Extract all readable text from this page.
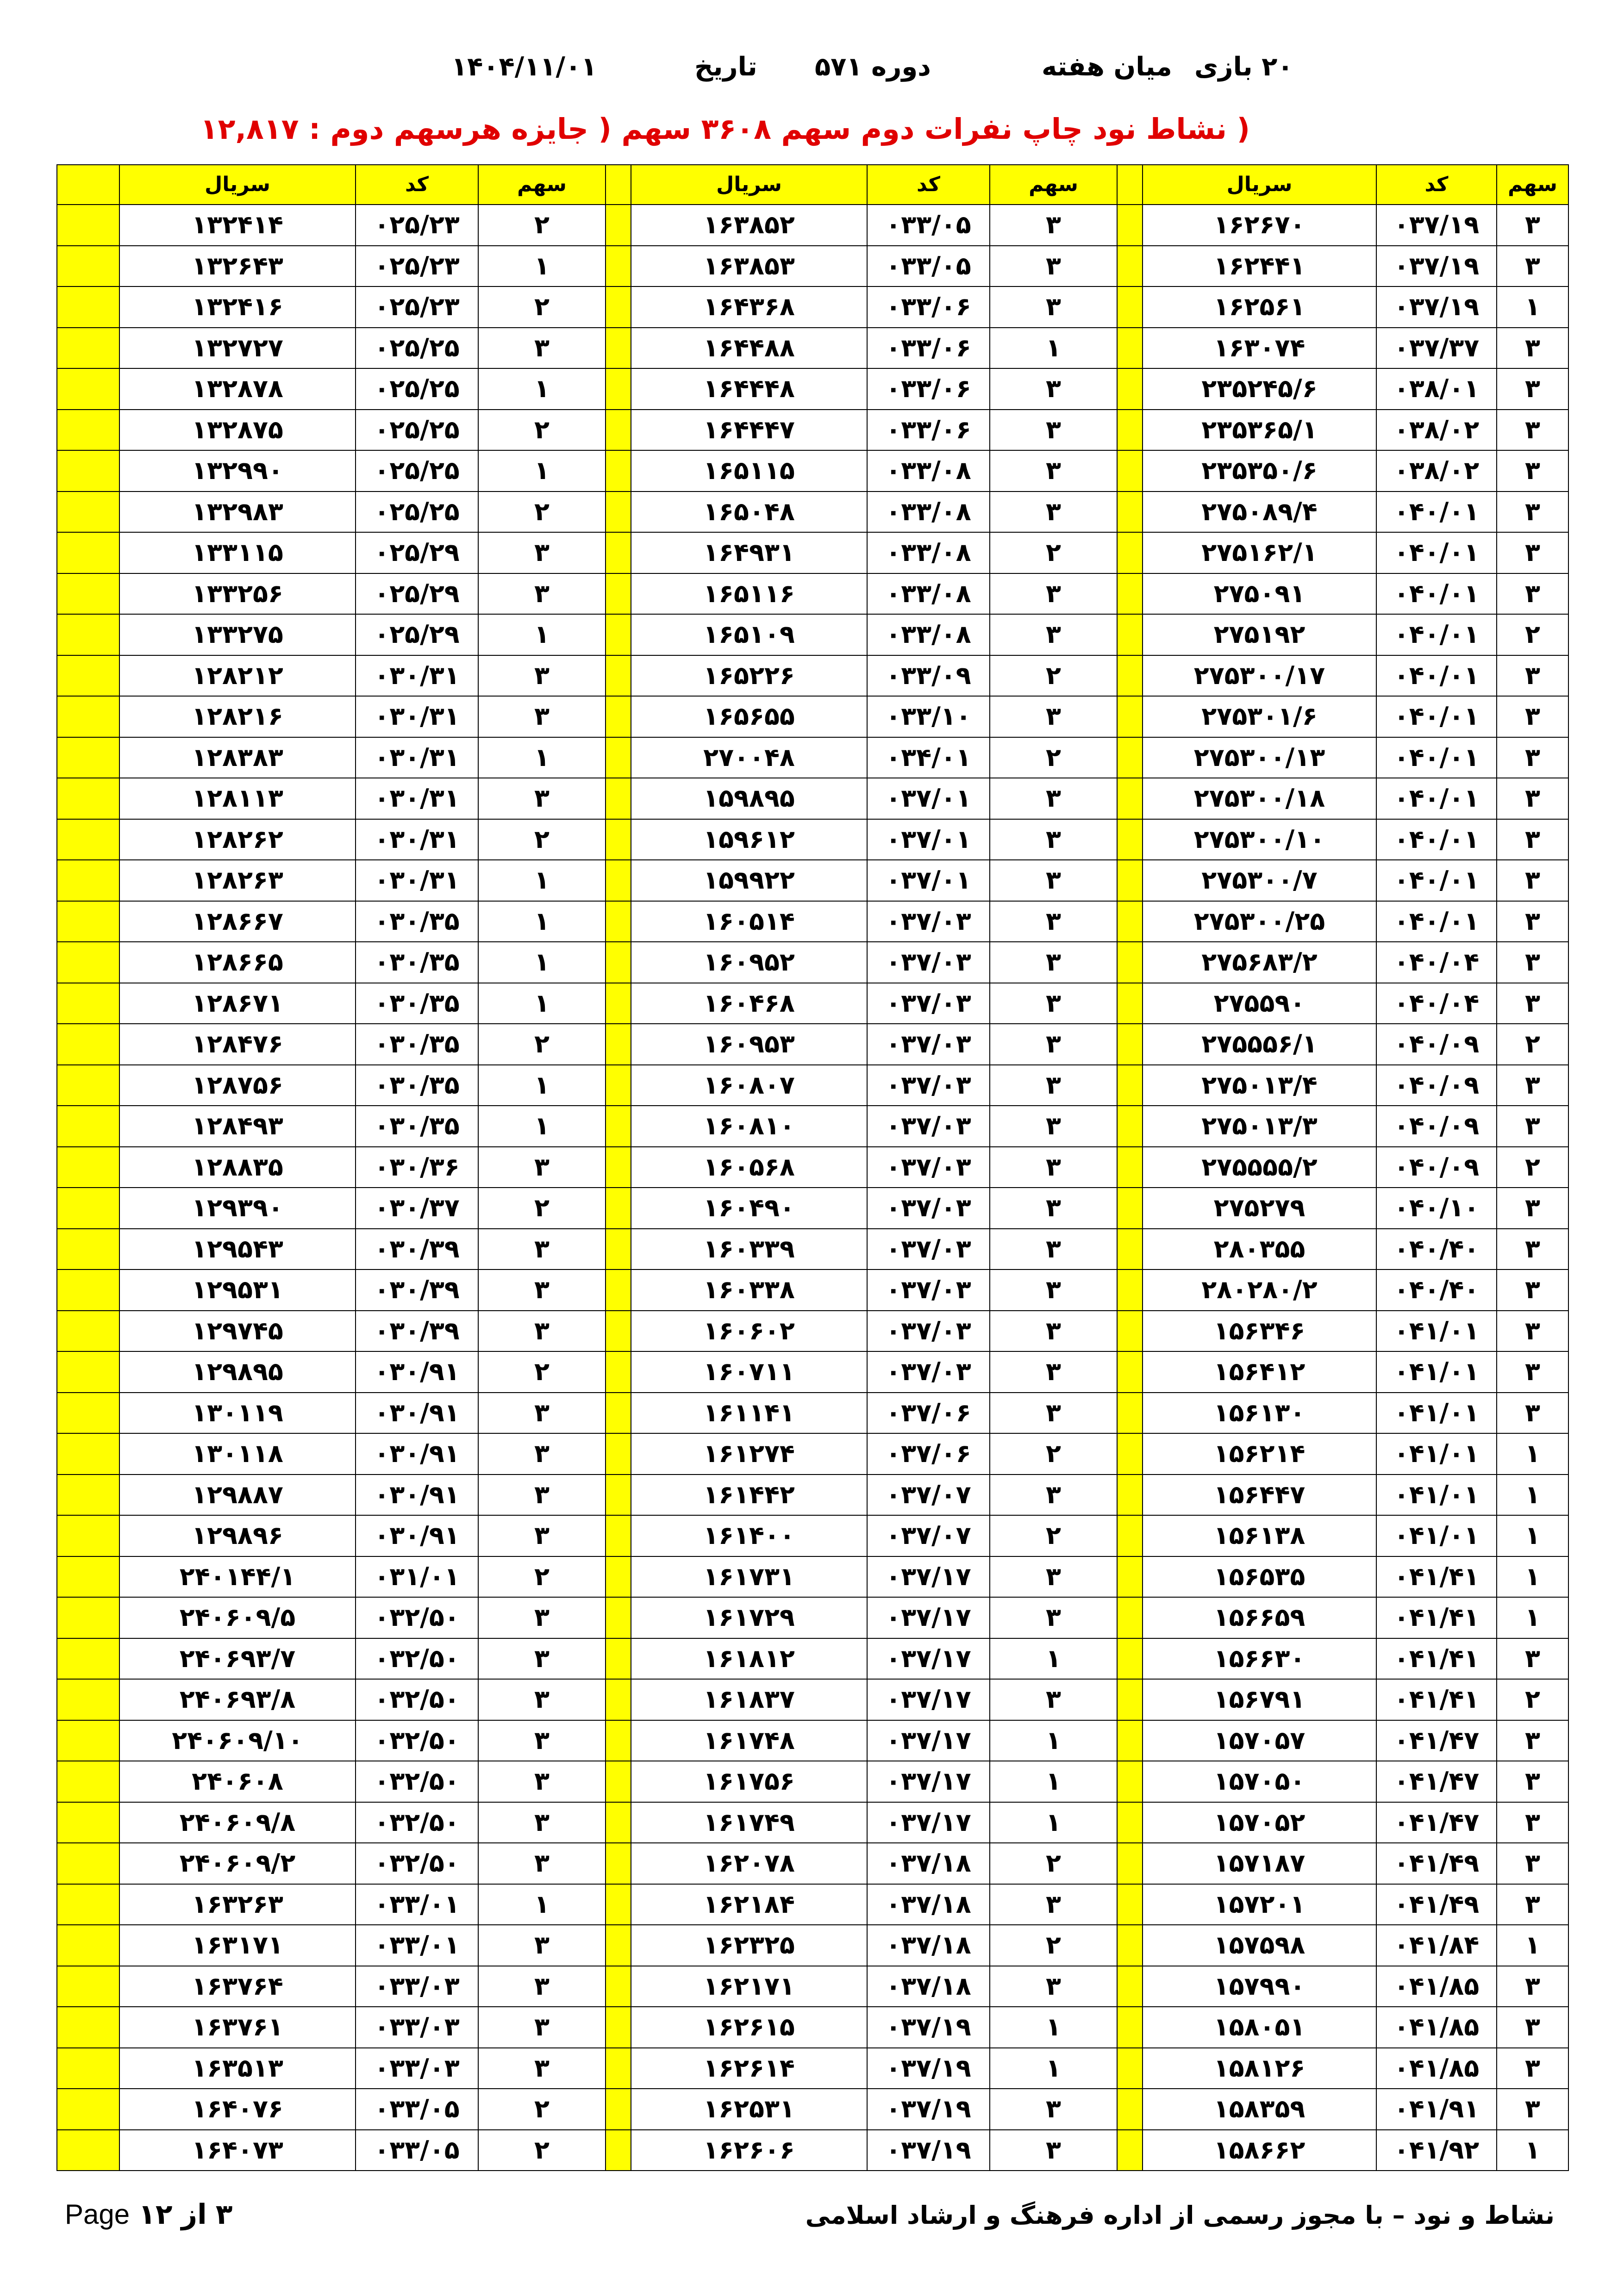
۲۰ بازی
میان هفته
دوره ۵۷۱
تاریخ
۱۴۰۴/۱۱/۰۱
( نشاط نود چاپ نفرات دوم سهم ۳۶۰۸ سهم ( جایزه هرسهم دوم : ۱۲,۸۱۷
سهم	کد	سریال		سهم	کد	سریال		سهم	کد	سریال	
۳	۰۳۷/۱۹	۱۶۲۶۷۰		۳	۰۳۳/۰۵	۱۶۳۸۵۲		۲	۰۲۵/۲۳	۱۳۲۴۱۴	
۳	۰۳۷/۱۹	۱۶۲۴۴۱		۳	۰۳۳/۰۵	۱۶۳۸۵۳		۱	۰۲۵/۲۳	۱۳۲۶۴۳	
۱	۰۳۷/۱۹	۱۶۲۵۶۱		۳	۰۳۳/۰۶	۱۶۴۳۶۸		۲	۰۲۵/۲۳	۱۳۲۴۱۶	
۳	۰۳۷/۳۷	۱۶۳۰۷۴		۱	۰۳۳/۰۶	۱۶۴۴۸۸		۳	۰۲۵/۲۵	۱۳۲۷۲۷	
۳	۰۳۸/۰۱	۲۳۵۲۴۵/۶		۳	۰۳۳/۰۶	۱۶۴۴۴۸		۱	۰۲۵/۲۵	۱۳۲۸۷۸	
۳	۰۳۸/۰۲	۲۳۵۳۶۵/۱		۳	۰۳۳/۰۶	۱۶۴۴۴۷		۲	۰۲۵/۲۵	۱۳۲۸۷۵	
۳	۰۳۸/۰۲	۲۳۵۳۵۰/۶		۳	۰۳۳/۰۸	۱۶۵۱۱۵		۱	۰۲۵/۲۵	۱۳۲۹۹۰	
۳	۰۴۰/۰۱	۲۷۵۰۸۹/۴		۳	۰۳۳/۰۸	۱۶۵۰۴۸		۲	۰۲۵/۲۵	۱۳۲۹۸۳	
۳	۰۴۰/۰۱	۲۷۵۱۶۲/۱		۲	۰۳۳/۰۸	۱۶۴۹۳۱		۳	۰۲۵/۲۹	۱۳۳۱۱۵	
۳	۰۴۰/۰۱	۲۷۵۰۹۱		۳	۰۳۳/۰۸	۱۶۵۱۱۶		۳	۰۲۵/۲۹	۱۳۳۲۵۶	
۲	۰۴۰/۰۱	۲۷۵۱۹۲		۳	۰۳۳/۰۸	۱۶۵۱۰۹		۱	۰۲۵/۲۹	۱۳۳۲۷۵	
۳	۰۴۰/۰۱	۲۷۵۳۰۰/۱۷		۲	۰۳۳/۰۹	۱۶۵۲۲۶		۳	۰۳۰/۳۱	۱۲۸۲۱۲	
۳	۰۴۰/۰۱	۲۷۵۳۰۱/۶		۳	۰۳۳/۱۰	۱۶۵۶۵۵		۳	۰۳۰/۳۱	۱۲۸۲۱۶	
۳	۰۴۰/۰۱	۲۷۵۳۰۰/۱۳		۲	۰۳۴/۰۱	۲۷۰۰۴۸		۱	۰۳۰/۳۱	۱۲۸۳۸۳	
۳	۰۴۰/۰۱	۲۷۵۳۰۰/۱۸		۳	۰۳۷/۰۱	۱۵۹۸۹۵		۳	۰۳۰/۳۱	۱۲۸۱۱۳	
۳	۰۴۰/۰۱	۲۷۵۳۰۰/۱۰		۳	۰۳۷/۰۱	۱۵۹۶۱۲		۲	۰۳۰/۳۱	۱۲۸۲۶۲	
۳	۰۴۰/۰۱	۲۷۵۳۰۰/۷		۳	۰۳۷/۰۱	۱۵۹۹۲۲		۱	۰۳۰/۳۱	۱۲۸۲۶۳	
۳	۰۴۰/۰۱	۲۷۵۳۰۰/۲۵		۳	۰۳۷/۰۳	۱۶۰۵۱۴		۱	۰۳۰/۳۵	۱۲۸۶۶۷	
۳	۰۴۰/۰۴	۲۷۵۶۸۳/۲		۳	۰۳۷/۰۳	۱۶۰۹۵۲		۱	۰۳۰/۳۵	۱۲۸۶۶۵	
۳	۰۴۰/۰۴	۲۷۵۵۹۰		۳	۰۳۷/۰۳	۱۶۰۴۶۸		۱	۰۳۰/۳۵	۱۲۸۶۷۱	
۲	۰۴۰/۰۹	۲۷۵۵۵۶/۱		۳	۰۳۷/۰۳	۱۶۰۹۵۳		۲	۰۳۰/۳۵	۱۲۸۴۷۶	
۳	۰۴۰/۰۹	۲۷۵۰۱۳/۴		۳	۰۳۷/۰۳	۱۶۰۸۰۷		۱	۰۳۰/۳۵	۱۲۸۷۵۶	
۳	۰۴۰/۰۹	۲۷۵۰۱۳/۳		۳	۰۳۷/۰۳	۱۶۰۸۱۰		۱	۰۳۰/۳۵	۱۲۸۴۹۳	
۲	۰۴۰/۰۹	۲۷۵۵۵۵/۲		۳	۰۳۷/۰۳	۱۶۰۵۶۸		۳	۰۳۰/۳۶	۱۲۸۸۳۵	
۳	۰۴۰/۱۰	۲۷۵۲۷۹		۳	۰۳۷/۰۳	۱۶۰۴۹۰		۲	۰۳۰/۳۷	۱۲۹۳۹۰	
۳	۰۴۰/۴۰	۲۸۰۳۵۵		۳	۰۳۷/۰۳	۱۶۰۳۳۹		۳	۰۳۰/۳۹	۱۲۹۵۴۳	
۳	۰۴۰/۴۰	۲۸۰۲۸۰/۲		۳	۰۳۷/۰۳	۱۶۰۳۳۸		۳	۰۳۰/۳۹	۱۲۹۵۳۱	
۳	۰۴۱/۰۱	۱۵۶۳۴۶		۳	۰۳۷/۰۳	۱۶۰۶۰۲		۳	۰۳۰/۳۹	۱۲۹۷۴۵	
۳	۰۴۱/۰۱	۱۵۶۴۱۲		۳	۰۳۷/۰۳	۱۶۰۷۱۱		۲	۰۳۰/۹۱	۱۲۹۸۹۵	
۳	۰۴۱/۰۱	۱۵۶۱۳۰		۳	۰۳۷/۰۶	۱۶۱۱۴۱		۳	۰۳۰/۹۱	۱۳۰۱۱۹	
۱	۰۴۱/۰۱	۱۵۶۲۱۴		۲	۰۳۷/۰۶	۱۶۱۲۷۴		۳	۰۳۰/۹۱	۱۳۰۱۱۸	
۱	۰۴۱/۰۱	۱۵۶۴۴۷		۳	۰۳۷/۰۷	۱۶۱۴۴۲		۳	۰۳۰/۹۱	۱۲۹۸۸۷	
۱	۰۴۱/۰۱	۱۵۶۱۳۸		۲	۰۳۷/۰۷	۱۶۱۴۰۰		۳	۰۳۰/۹۱	۱۲۹۸۹۶	
۱	۰۴۱/۴۱	۱۵۶۵۳۵		۳	۰۳۷/۱۷	۱۶۱۷۳۱		۲	۰۳۱/۰۱	۲۴۰۱۴۴/۱	
۱	۰۴۱/۴۱	۱۵۶۶۵۹		۳	۰۳۷/۱۷	۱۶۱۷۲۹		۳	۰۳۲/۵۰	۲۴۰۶۰۹/۵	
۳	۰۴۱/۴۱	۱۵۶۶۳۰		۱	۰۳۷/۱۷	۱۶۱۸۱۲		۳	۰۳۲/۵۰	۲۴۰۶۹۳/۷	
۲	۰۴۱/۴۱	۱۵۶۷۹۱		۳	۰۳۷/۱۷	۱۶۱۸۳۷		۳	۰۳۲/۵۰	۲۴۰۶۹۳/۸	
۳	۰۴۱/۴۷	۱۵۷۰۵۷		۱	۰۳۷/۱۷	۱۶۱۷۴۸		۳	۰۳۲/۵۰	۲۴۰۶۰۹/۱۰	
۳	۰۴۱/۴۷	۱۵۷۰۵۰		۱	۰۳۷/۱۷	۱۶۱۷۵۶		۳	۰۳۲/۵۰	۲۴۰۶۰۸	
۳	۰۴۱/۴۷	۱۵۷۰۵۲		۱	۰۳۷/۱۷	۱۶۱۷۴۹		۳	۰۳۲/۵۰	۲۴۰۶۰۹/۸	
۳	۰۴۱/۴۹	۱۵۷۱۸۷		۲	۰۳۷/۱۸	۱۶۲۰۷۸		۳	۰۳۲/۵۰	۲۴۰۶۰۹/۲	
۳	۰۴۱/۴۹	۱۵۷۲۰۱		۳	۰۳۷/۱۸	۱۶۲۱۸۴		۱	۰۳۳/۰۱	۱۶۳۲۶۳	
۱	۰۴۱/۸۴	۱۵۷۵۹۸		۲	۰۳۷/۱۸	۱۶۲۳۲۵		۳	۰۳۳/۰۱	۱۶۳۱۷۱	
۳	۰۴۱/۸۵	۱۵۷۹۹۰		۳	۰۳۷/۱۸	۱۶۲۱۷۱		۳	۰۳۳/۰۳	۱۶۳۷۶۴	
۳	۰۴۱/۸۵	۱۵۸۰۵۱		۱	۰۳۷/۱۹	۱۶۲۶۱۵		۳	۰۳۳/۰۳	۱۶۳۷۶۱	
۳	۰۴۱/۸۵	۱۵۸۱۲۶		۱	۰۳۷/۱۹	۱۶۲۶۱۴		۳	۰۳۳/۰۳	۱۶۳۵۱۳	
۳	۰۴۱/۹۱	۱۵۸۳۵۹		۳	۰۳۷/۱۹	۱۶۲۵۳۱		۲	۰۳۳/۰۵	۱۶۴۰۷۶	
۱	۰۴۱/۹۲	۱۵۸۶۶۲		۳	۰۳۷/۱۹	۱۶۲۶۰۶		۲	۰۳۳/۰۵	۱۶۴۰۷۳	
نشاط و نود – با مجوز رسمی از اداره فرهنگ و ارشاد اسلامی
Page	۳ از ۱۲
